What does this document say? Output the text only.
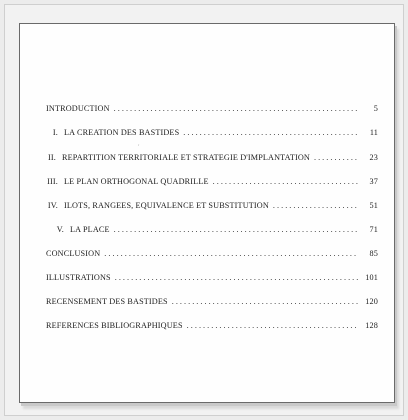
INTRODUCTION . . .	5
I. LA CREATION DES BASTIDES . . .	11
II. REPARTITION TERRITORIALE ET STRATEGIE D'IMPLANTATION . . .	23
III. LE PLAN ORTHOGONAL QUADRILLE . . .	37
IV. ILOTS, RANGEES, EQUIVALENCE ET SUBSTITUTION . . .	51
V. LA PLACE . . .	71
CONCLUSION . . .	85
ILLUSTRATIONS . . .	101
RECENSEMENT DES BASTIDES . . .	120
REFERENCES BIBLIOGRAPHIQUES . . .	128
′
